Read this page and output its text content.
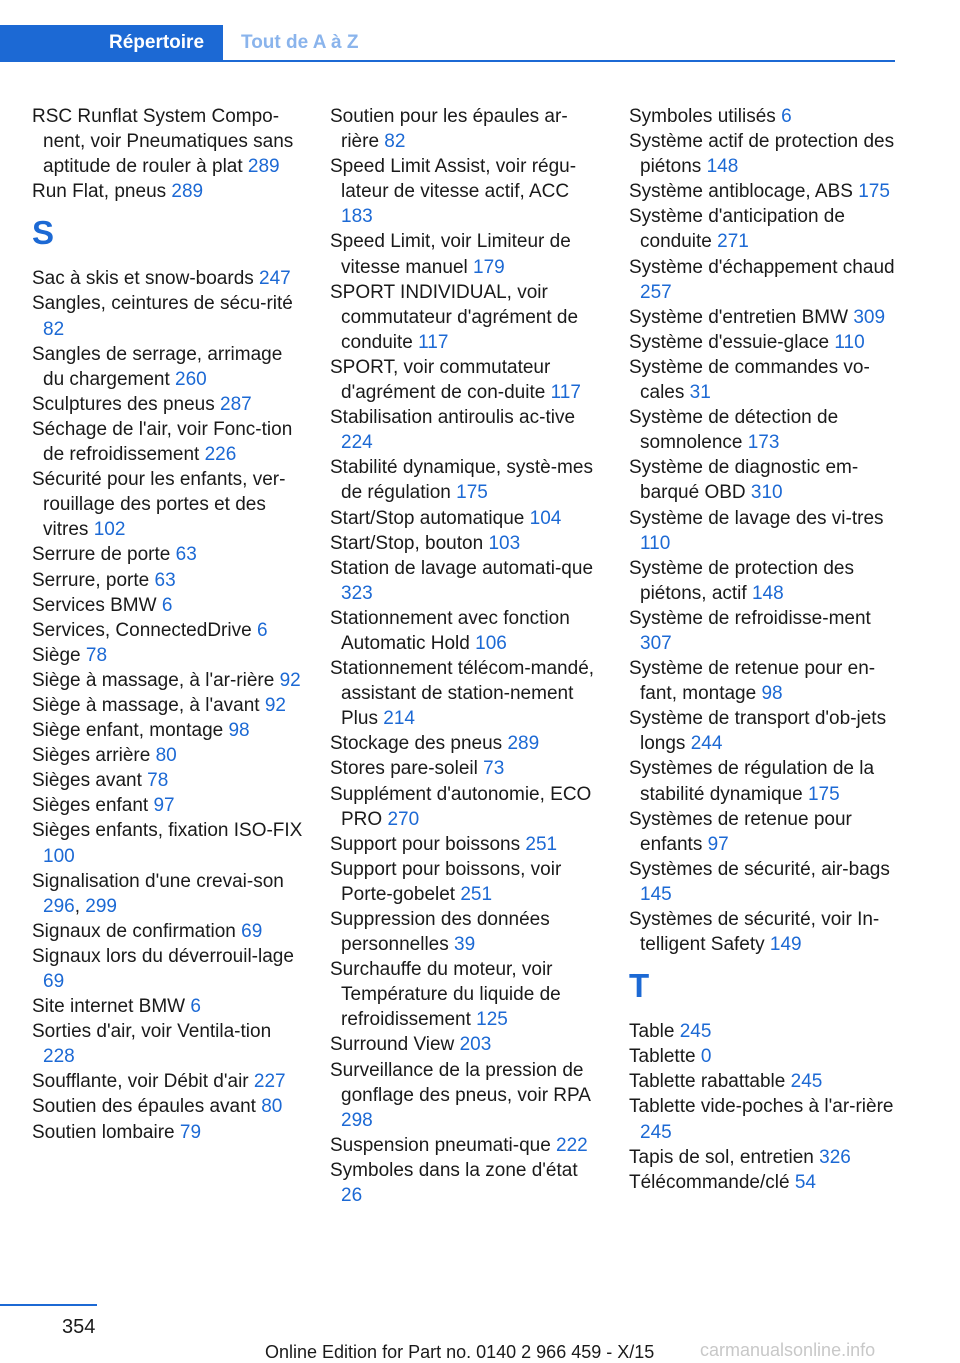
Répertoire	Tout de A à Z

RSC Runflat System Compo‐nent, voir Pneumatiques sans aptitude de rouler à plat 289

Run Flat, pneus 289

S

Sac à skis et snow‐boards 247

Sangles, ceintures de sécu‐rité 82

Sangles de serrage, arrimage du chargement 260

Sculptures des pneus 287

Séchage de l'air, voir Fonc‐tion de refroidissement 226

Sécurité pour les enfants, ver‐rouillage des portes et des vitres 102

Serrure de porte 63

Serrure, porte 63

Services BMW 6

Services, ConnectedDrive 6

Siège 78

Siège à massage, à l'ar‐rière 92

Siège à massage, à l'avant 92

Siège enfant, montage 98

Sièges arrière 80

Sièges avant 78

Sièges enfant 97

Sièges enfants, fixation ISO‐FIX 100

Signalisation d'une crevai‐son 296, 299

Signaux de confirmation 69

Signaux lors du déverrouil‐lage 69

Site internet BMW 6

Sorties d'air, voir Ventila‐tion 228

Soufflante, voir Débit d'air 227

Soutien des épaules avant 80

Soutien lombaire 79

Soutien pour les épaules ar‐rière 82

Speed Limit Assist, voir régu‐lateur de vitesse actif, ACC 183

Speed Limit, voir Limiteur de vitesse manuel 179

SPORT INDIVIDUAL, voir commutateur d'agrément de conduite 117

SPORT, voir commutateur d'agrément de con‐duite 117

Stabilisation antiroulis ac‐tive 224

Stabilité dynamique, systè‐mes de régulation 175

Start/Stop automatique 104

Start/Stop, bouton 103

Station de lavage automati‐que 323

Stationnement avec fonction Automatic Hold 106

Stationnement télécom‐mandé, assistant de station‐nement Plus 214

Stockage des pneus 289

Stores pare-soleil 73

Supplément d'autonomie, ECO PRO 270

Support pour boissons 251

Support pour boissons, voir Porte-gobelet 251

Suppression des données personnelles 39

Surchauffe du moteur, voir Température du liquide de refroidissement 125

Surround View 203

Surveillance de la pression de gonflage des pneus, voir RPA 298

Suspension pneumati‐que 222

Symboles dans la zone d'état 26

Symboles utilisés 6

Système actif de protection des piétons 148

Système antiblocage, ABS 175

Système d'anticipation de conduite 271

Système d'échappement chaud 257

Système d'entretien BMW 309

Système d'essuie-glace 110

Système de commandes vo‐cales 31

Système de détection de somnolence 173

Système de diagnostic em‐barqué OBD 310

Système de lavage des vi‐tres 110

Système de protection des piétons, actif 148

Système de refroidisse‐ment 307

Système de retenue pour en‐fant, montage 98

Système de transport d'ob‐jets longs 244

Systèmes de régulation de la stabilité dynamique 175

Systèmes de retenue pour enfants 97

Systèmes de sécurité, air‐bags 145

Systèmes de sécurité, voir In‐telligent Safety 149

T

Table 245

Tablette 0

Tablette rabattable 245

Tablette vide-poches à l'ar‐rière 245

Tapis de sol, entretien 326

Télécommande/clé 54

354
Online Edition for Part no. 0140 2 966 459 - X/15	carmanualsonline.info
